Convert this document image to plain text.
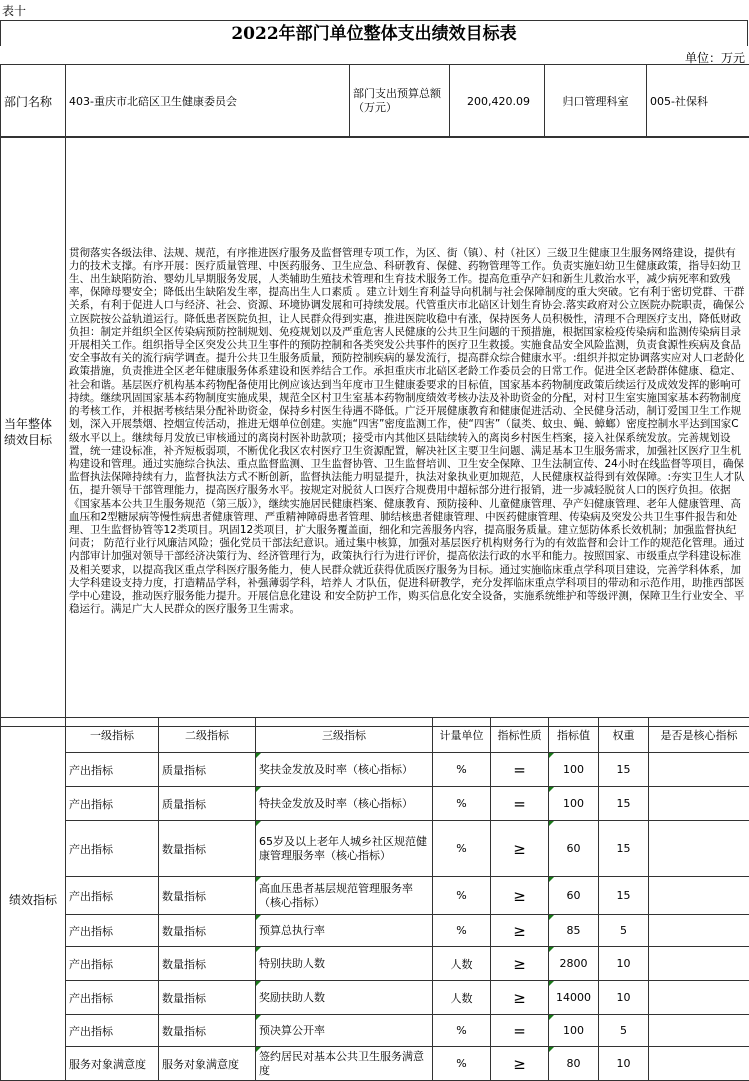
表十
2022年部门单位整体支出绩效目标表
单位：万元
部门名称	403-重庆市北碚区卫生健康委员会	部门支出预算总额（万元）	200,420.09	归口管理科室	005-社保科
当年整体绩效目标	贯彻落实各级法律、法规、规范，有序推进医疗服务及监督管理专项工作，为区、街（镇）、村（社区）三级卫生健康卫生服务网络建设，提供有力的技术支撑。有序开展：医疗质量管理、中医药服务、卫生应急、科研教育、保健、药物管理等工作。负责实施妇幼卫生健康政策，指导妇幼卫生、出生缺陷防治、婴幼儿早期服务发展，人类辅助生殖技术管理和生育技术服务工作。提高危重孕产妇和新生儿救治水平，减少病死率和致残率，保障母婴安全；降低出生缺陷发生率，提高出生人口素质 。建立计划生育利益导向机制与社会保障制度的重大突破。它有利于密切党群、干群关系，有利于促进人口与经济、社会、资源、环境协调发展和可持续发展。代管重庆市北碚区计划生育协会.落实政府对公立医院办院职责，确保公立医院按公益轨道运行。降低患者医院负担，让人民群众得到实惠，推进医院收稳中有涨，保持医务人员积极性，清理不合理医疗支出，降低财政负担：制定并组织全区传染病预防控制规划、免疫规划以及严重危害人民健康的公共卫生问题的干预措施，根据国家检疫传染病和监测传染病目录开展相关工作。组织指导全区突发公共卫生事件的预防控制和各类突发公共事件的医疗卫生救援。实施食品安全风险监测，负责食源性疾病及食品安全事故有关的流行病学调查。提升公共卫生服务质量，预防控制疾病的暴发流行，提高群众综合健康水平。:组织并拟定协调落实应对人口老龄化政策措施，负责推进全区老年健康服务体系建设和医养结合工作。承担重庆市北碚区老龄工作委员会的日常工作。促进全区老龄群体健康、稳定、社会和谐。基层医疗机构基本药物配备使用比例应该达到当年度市卫生健康委要求的目标值，国家基本药物制度政策后续运行及成效发挥的影响可持续。继续巩固国家基本药物制度实施成果，规范全区村卫生室基本药物制度绩效考核办法及补助资金的分配，对村卫生室实施国家基本药物制度的考核工作，并根据考核结果分配补助资金，保持乡村医生待遇不降低。广泛开展健康教育和健康促进活动、全民健身活动，制订爱国卫生工作规划，深入开展禁烟、控烟宣传活动，推进无烟单位创建。实施“四害”密度监测工作，使“四害”（鼠类、蚊虫、蝇、蟑螂）密度控制水平达到国家C级水平以上。继续每月发放已审核通过的离岗村医补助款项；接受市内其他区县陆续转入的离岗乡村医生档案，接入社保系统发放。完善规划设置，统一建设标准，补齐短板弱项，不断优化我区农村医疗卫生资源配置，解决社区主要卫生问题、满足基本卫生服务需求，加强社区医疗卫生机构建设和管理。通过实施综合执法、重点监督监测、卫生监督协管、卫生监督培训、卫生安全保障、卫生法制宣传、24小时在线监督等项目，确保监督执法保障持续有力，监督执法方式不断创新，监督执法能力明显提升，执法对象执业更加规范，人民健康权益得到有效保障。:夯实卫生人才队伍，提升领导干部管理能力，提高医疗服务水平。按规定对脱贫人口医疗合规费用中超标部分进行报销，进一步减轻脱贫人口的医疗负担。依据《国家基本公共卫生服务规范（第三版）》，继续实施居民健康档案、健康教育、预防接种、儿童健康管理、孕产妇健康管理、老年人健康管理、高血压和2型糖尿病等慢性病患者健康管理、严重精神障碍患者管理、肺结核患者健康管理、中医药健康管理、传染病及突发公共卫生事件报告和处理、卫生监督协管等12类项目。巩固12类项目，扩大服务覆盖面，细化和完善服务内容，提高服务质量。建立惩防体系长效机制；加强监督执纪问责； 防范行业行风廉洁风险；强化党员干部法纪意识。通过集中核算，加强对基层医疗机构财务行为的有效监督和会计工作的规范化管理。通过内部审计加强对领导干部经济决策行为、经济管理行为，政策执行行为进行评价，提高依法行政的水平和能力。按照国家、市级重点学科建设标准及相关要求，以提高我区重点学科医疗服务能力，使人民群众就近获得优质医疗服务为目标。通过实施临床重点学科项目建设，完善学科体系，加大学科建设支持力度，打造精品学科，补强薄弱学科，培养人 才队伍，促进科研教学，充分发挥临床重点学科项目的带动和示范作用，助推西部医学中心建设，推动医疗服务能力提升。开展信息化建设 和安全防护工作，购买信息化安全设备，实施系统维护和等级评测，保障卫生行业安全、平稳运行。满足广大人民群众的医疗服务卫生需求。
绩效指标	一级指标	二级指标	三级指标	计量单位	指标性质	指标值	权重	是否是核心指标
	产出指标	质量指标	奖扶金发放及时率（核心指标）	%	=	100	15	
	产出指标	质量指标	特扶金发放及时率（核心指标）	%	=	100	15	
	产出指标	数量指标	65岁及以上老年人城乡社区规范健康管理服务率（核心指标）	%	≥	60	15	
	产出指标	数量指标	高血压患者基层规范管理服务率（核心指标）	%	≥	60	15	
	产出指标	数量指标	预算总执行率	%	≥	85	5	
	产出指标	数量指标	特别扶助人数	人数	≥	2800	10	
	产出指标	数量指标	奖励扶助人数	人数	≥	14000	10	
	产出指标	数量指标	预决算公开率	%	=	100	5	
	服务对象满意度	服务对象满意度	签约居民对基本公共卫生服务满意度	%	≥	80	10	
